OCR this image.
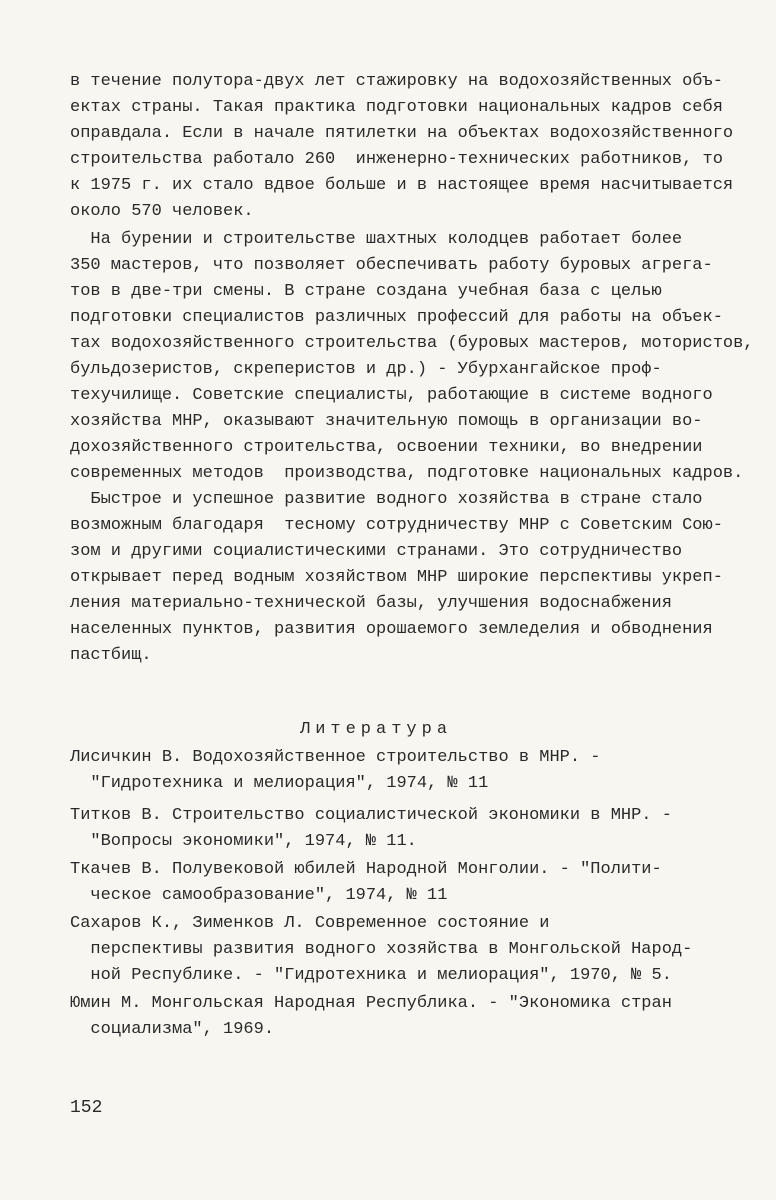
в течение полутора-двух лет стажировку на водохозяйственных объ-
ектах страны. Такая практика подготовки национальных кадров себя
оправдала. Если в начале пятилетки на объектах водохозяйственного
строительства работало 260  инженерно-технических работников, то
к 1975 г. их стало вдвое больше и в настоящее время насчитывается
около 570 человек.
На бурении и строительстве шахтных колодцев работает более
350 мастеров, что позволяет обеспечивать работу буровых агрега-
тов в две-три смены. В стране создана учебная база с целью
подготовки специалистов различных профессий для работы на объек-
тах водохозяйственного строительства (буровых мастеров, мотористов,
бульдозеристов, скреперистов и др.) - Убурхангайское проф-
техучилище. Советские специалисты, работающие в системе водного
хозяйства МНР, оказывают значительную помощь в организации во-
дохозяйственного строительства, освоении техники, во внедрении
современных методов  производства, подготовке национальных кадров.
Быстрое и успешное развитие водного хозяйства в стране стало
возможным благодаря  тесному сотрудничеству МНР с Советским Сою-
зом и другими социалистическими странами. Это сотрудничество
открывает перед водным хозяйством МНР широкие перспективы укреп-
ления материально-технической базы, улучшения водоснабжения
населенных пунктов, развития орошаемого земледелия и обводнения
пастбищ.
Литература
Лисичкин В. Водохозяйственное строительство в МНР. -
"Гидротехника и мелиорация", 1974, № 11
Титков В. Строительство социалистической экономики в МНР. -
"Вопросы экономики", 1974, № 11.
Ткачев В. Полувековой юбилей Народной Монголии. - "Полити-
ческое самообразование", 1974, № 11
Сахаров К., Зименков Л. Современное состояние и
перспективы развития водного хозяйства в Монгольской Народ-
ной Республике. - "Гидротехника и мелиорация", 1970, № 5.
Юмин М. Монгольская Народная Республика. - "Экономика стран
социализма", 1969.
152
